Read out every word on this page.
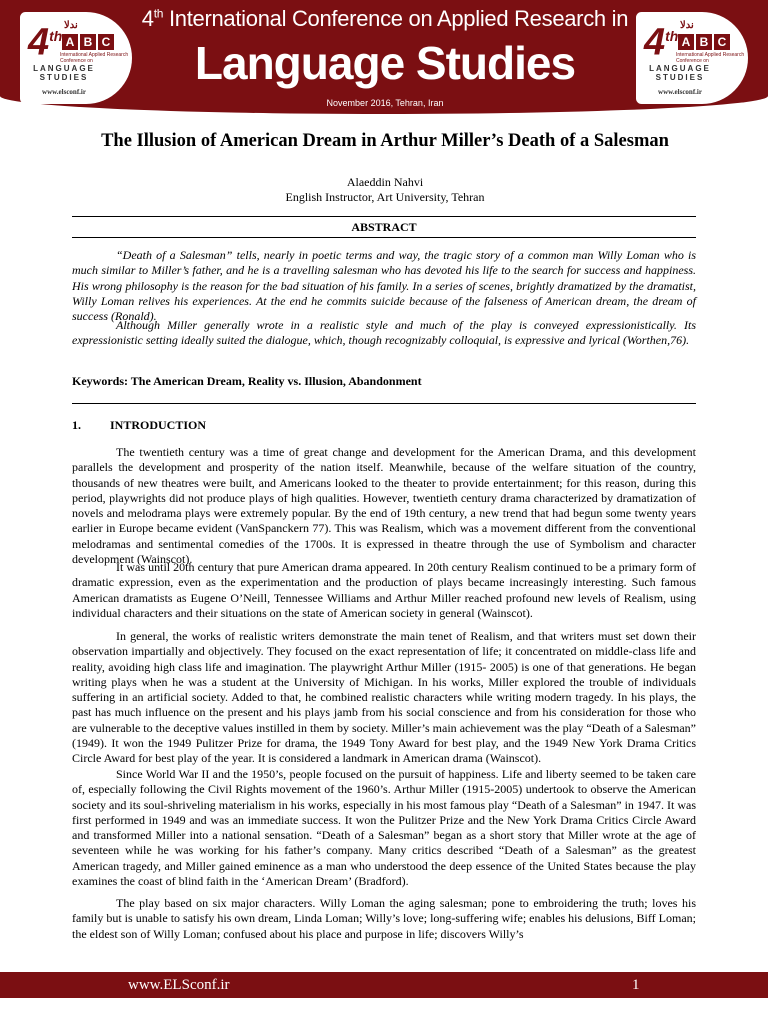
4th
ندلا
A B C
International Applied Research Conference on
LANGUAGE STUDIES
www.elsconf.ir
4th International Conference on Applied Research in
Language Studies
November 2016, Tehran, Iran
4th
ندلا
A B C
International Applied Research Conference on
LANGUAGE STUDIES
www.elsconf.ir
The Illusion of American Dream in Arthur Miller’s Death of a Salesman
Alaeddin Nahvi
English Instructor, Art University, Tehran
ABSTRACT

“Death of a Salesman” tells, nearly in poetic terms and way, the tragic story of a common man Willy Loman who is much similar to Miller’s father, and he is a travelling salesman who has devoted his life to the search for success and happiness. His wrong philosophy is the reason for the bad situation of his family. In a series of scenes, brightly dramatized by the dramatist, Willy Loman relives his experiences. At the end he commits suicide because of the falseness of American dream, the dream of success (Ronald).

Although Miller generally wrote in a realistic style and much of the play is conveyed expressionistically. Its expressionistic setting ideally suited the dialogue, which, though recognizably colloquial, is expressive and lyrical (Worthen,76).

Keywords: The American Dream, Reality vs. Illusion, Abandonment
1. INTRODUCTION

The twentieth century was a time of great change and development for the American Drama, and this development parallels the development and prosperity of the nation itself. Meanwhile, because of the welfare situation of the country, thousands of new theatres were built, and Americans looked to the theater to provide entertainment; for this reason, during this period, playwrights did not produce plays of high qualities. However, twentieth century drama characterized by dramatization of novels and melodrama plays were extremely popular. By the end of 19th century, a new trend that had begun some twenty years earlier in Europe became evident (VanSpanckern 77). This was Realism, which was a movement different from the conventional melodramas and sentimental comedies of the 1700s. It is expressed in theatre through the use of Symbolism and character development (Wainscot).

It was until 20th century that pure American drama appeared. In 20th century Realism continued to be a primary form of dramatic expression, even as the experimentation and the production of plays became increasingly interesting. Such famous American dramatists as Eugene O’Neill, Tennessee Williams and Arthur Miller reached profound new levels of Realism, using individual characters and their situations on the state of American society in general (Wainscot).

In general, the works of realistic writers demonstrate the main tenet of Realism, and that writers must set down their observation impartially and objectively. They focused on the exact representation of life; it concentrated on middle-class life and reality, avoiding high class life and imagination. The playwright Arthur Miller (1915- 2005) is one of that generations. He began writing plays when he was a student at the University of Michigan. In his works, Miller explored the trouble of individuals suffering in an artificial society. Added to that, he combined realistic characters while writing modern tragedy. In his plays, the past has much influence on the present and his plays jamb from his social conscience and from his consideration for those who are vulnerable to the deceptive values instilled in them by society. Miller’s main achievement was the play “Death of a Salesman” (1949). It won the 1949 Pulitzer Prize for drama, the 1949 Tony Award for best play, and the 1949 New York Drama Critics Circle Award for best play of the year. It is considered a landmark in American drama (Wainscot).

Since World War II and the 1950’s, people focused on the pursuit of happiness. Life and liberty seemed to be taken care of, especially following the Civil Rights movement of the 1960’s. Arthur Miller (1915-2005) undertook to observe the American society and its soul-shriveling materialism in his works, especially in his most famous play “Death of a Salesman” in 1947. It was first performed in 1949 and was an immediate success. It won the Pulitzer Prize and the New York Drama Critics Circle Award and transformed Miller into a national sensation. “Death of a Salesman” began as a short story that Miller wrote at the age of seventeen while he was working for his father’s company. Many critics described “Death of a Salesman” as the greatest American tragedy, and Miller gained eminence as a man who understood the deep essence of the United States because the play examines the coast of blind faith in the ‘American Dream’ (Bradford).

The play based on six major characters. Willy Loman the aging salesman; pone to embroidering the truth; loves his family but is unable to satisfy his own dream, Linda Loman; Willy’s love; long-suffering wife; enables his delusions, Biff Loman; the eldest son of Willy Loman; confused about his place and purpose in life; discovers Willy’s

www.ELSconf.ir	1
